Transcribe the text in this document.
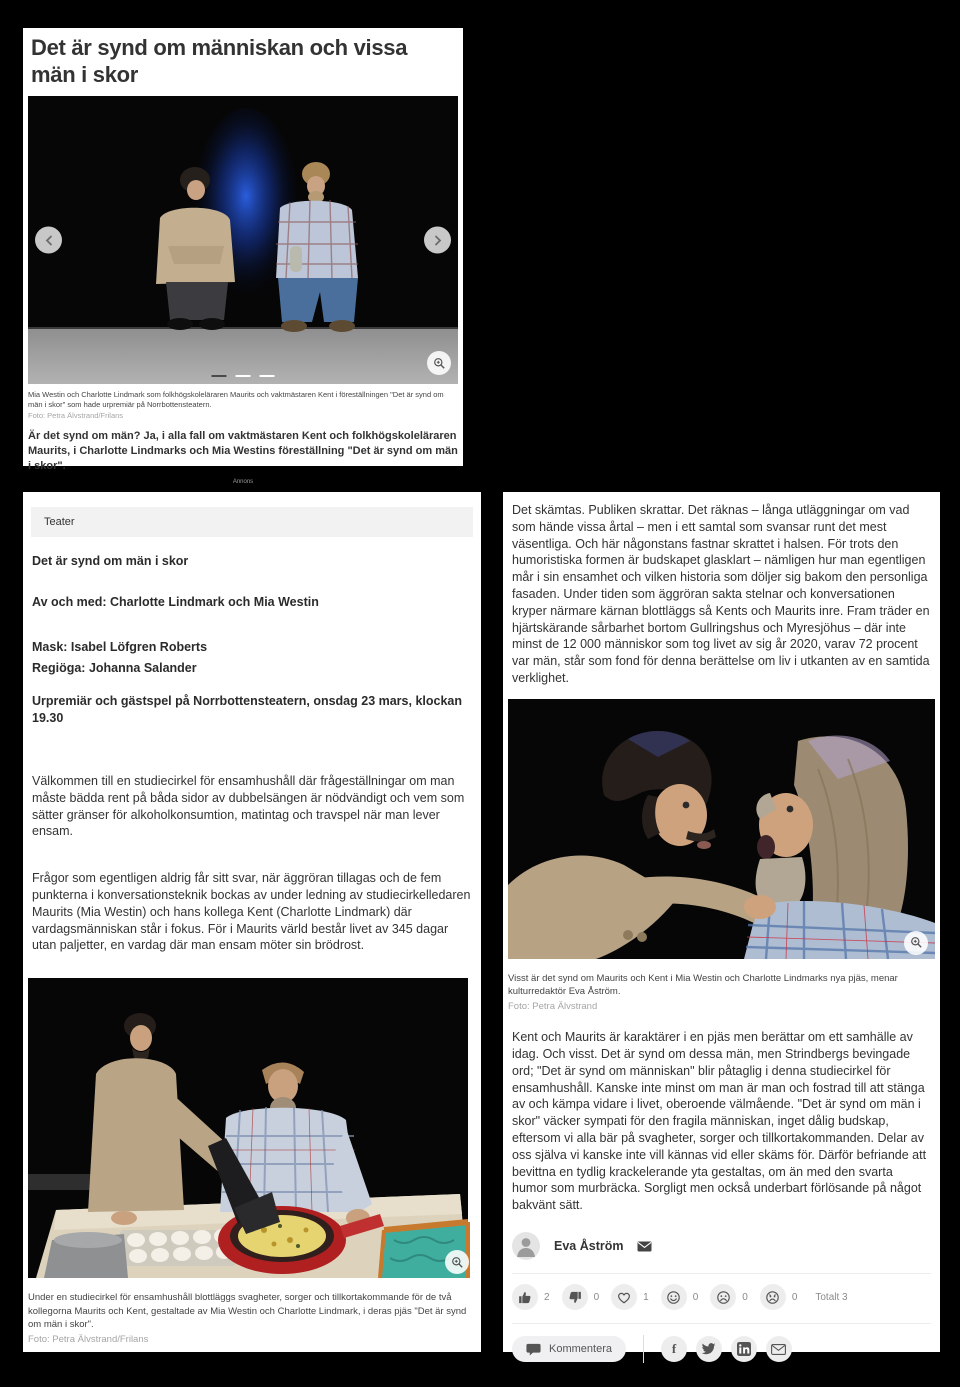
Det är synd om människan och vissa män i skor

Mia Westin och Charlotte Lindmark som folkhögskoleläraren Maurits och vaktmästaren Kent i föreställningen "Det är synd om män i skor" som hade urpremiär på Norrbottensteatern.

Foto: Petra Älvstrand/Frilans

Är det synd om män? Ja, i alla fall om vaktmästaren Kent och folkhögskoleläraren Maurits, i Charlotte Lindmarks och Mia Westins föreställning "Det är synd om män i skor".

Annons
Teater
Det är synd om män i skor
Av och med: Charlotte Lindmark och Mia Westin
Mask: Isabel Löfgren Roberts
Regiöga: Johanna Salander
Urpremiär och gästspel på Norrbottensteatern, onsdag 23 mars, klockan 19.30

Välkommen till en studiecirkel för ensamhushåll där frågeställningar om man måste bädda rent på båda sidor av dubbelsängen är nödvändigt och vem som sätter gränser för alkoholkonsumtion, matintag och travspel när man lever ensam.

Frågor som egentligen aldrig får sitt svar, när äggröran tillagas och de fem punkterna i konversationsteknik bockas av under ledning av studiecirkelledaren Maurits (Mia Westin) och hans kollega Kent (Charlotte Lindmark) där vardagsmänniskan står i fokus. För i Maurits värld består livet av 345 dagar utan paljetter, en vardag där man ensam möter sin brödrost.

Under en studiecirkel för ensamhushåll blottläggs svagheter, sorger och tillkortakommande för de två kollegorna Maurits och Kent, gestaltade av Mia Westin och Charlotte Lindmark, i deras pjäs "Det är synd om män i skor".

Foto: Petra Älvstrand/Frilans

Det skämtas. Publiken skrattar. Det räknas – långa utläggningar om vad som hände vissa årtal – men i ett samtal som svansar runt det mest väsentliga. Och här någonstans fastnar skrattet i halsen. För trots den humoristiska formen är budskapet glasklart – nämligen hur man egentligen mår i sin ensamhet och vilken historia som döljer sig bakom den personliga fasaden. Under tiden som äggröran sakta stelnar och konversationen kryper närmare kärnan blottläggs så Kents och Maurits inre. Fram träder en hjärtskärande sårbarhet bortom Gullringshus och Myresjöhus – där inte minst de 12 000 människor som tog livet av sig år 2020, varav 72 procent var män, står som fond för denna berättelse om liv i utkanten av en samtida verklighet.

Visst är det synd om Maurits och Kent i Mia Westin och Charlotte Lindmarks nya pjäs, menar kulturredaktör Eva Åström.

Foto: Petra Älvstrand

Kent och Maurits är karaktärer i en pjäs men berättar om ett samhälle av idag. Och visst. Det är synd om dessa män, men Strindbergs bevingade ord; "Det är synd om människan" blir påtaglig i denna studiecirkel för ensamhushåll. Kanske inte minst om man är man och fostrad till att stänga av och kämpa vidare i livet, oberoende välmående. "Det är synd om män i skor" väcker sympati för den fragila människan, inget dålig budskap, eftersom vi alla bär på svagheter, sorger och tillkortakommanden. Delar av oss själva vi kanske inte vill kännas vid eller skäms för. Därför befriande att bevittna en tydlig krackelerande yta gestaltas, om än med den svarta humor som murbräcka. Sorgligt men också underbart förlösande på något bakvänt sätt.

Eva Åström
2	0	1	0	0	0 Totalt 3
Kommentera	f
